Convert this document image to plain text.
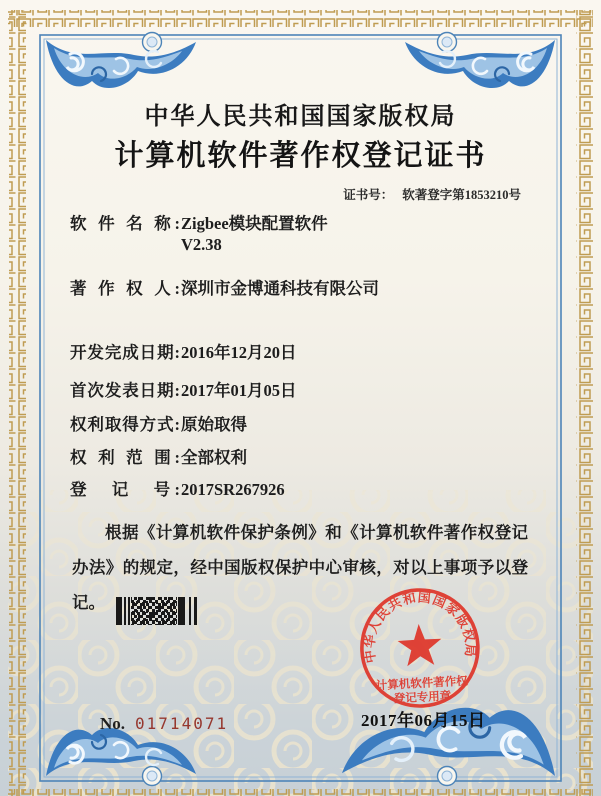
中华人民共和国国家版权局
计算机软件著作权登记证书
证书号： 软著登字第1853210号
软 件 名 称: Zigbee模块配置软件
V2.38
著 作 权 人: 深圳市金博通科技有限公司
开发完成日期: 2016年12月20日
首次发表日期: 2017年01月05日
权利取得方式: 原始取得
权 利 范 围: 全部权利
登　记　号: 2017SR267926

根据《计算机软件保护条例》和《计算机软件著作权登记办法》的规定，经中国版权保护中心审核，对以上事项予以登记。

中华人民共和国国家版权局
计算机软件著作权
登记专用章
2017年06月15日
No. 01714071
